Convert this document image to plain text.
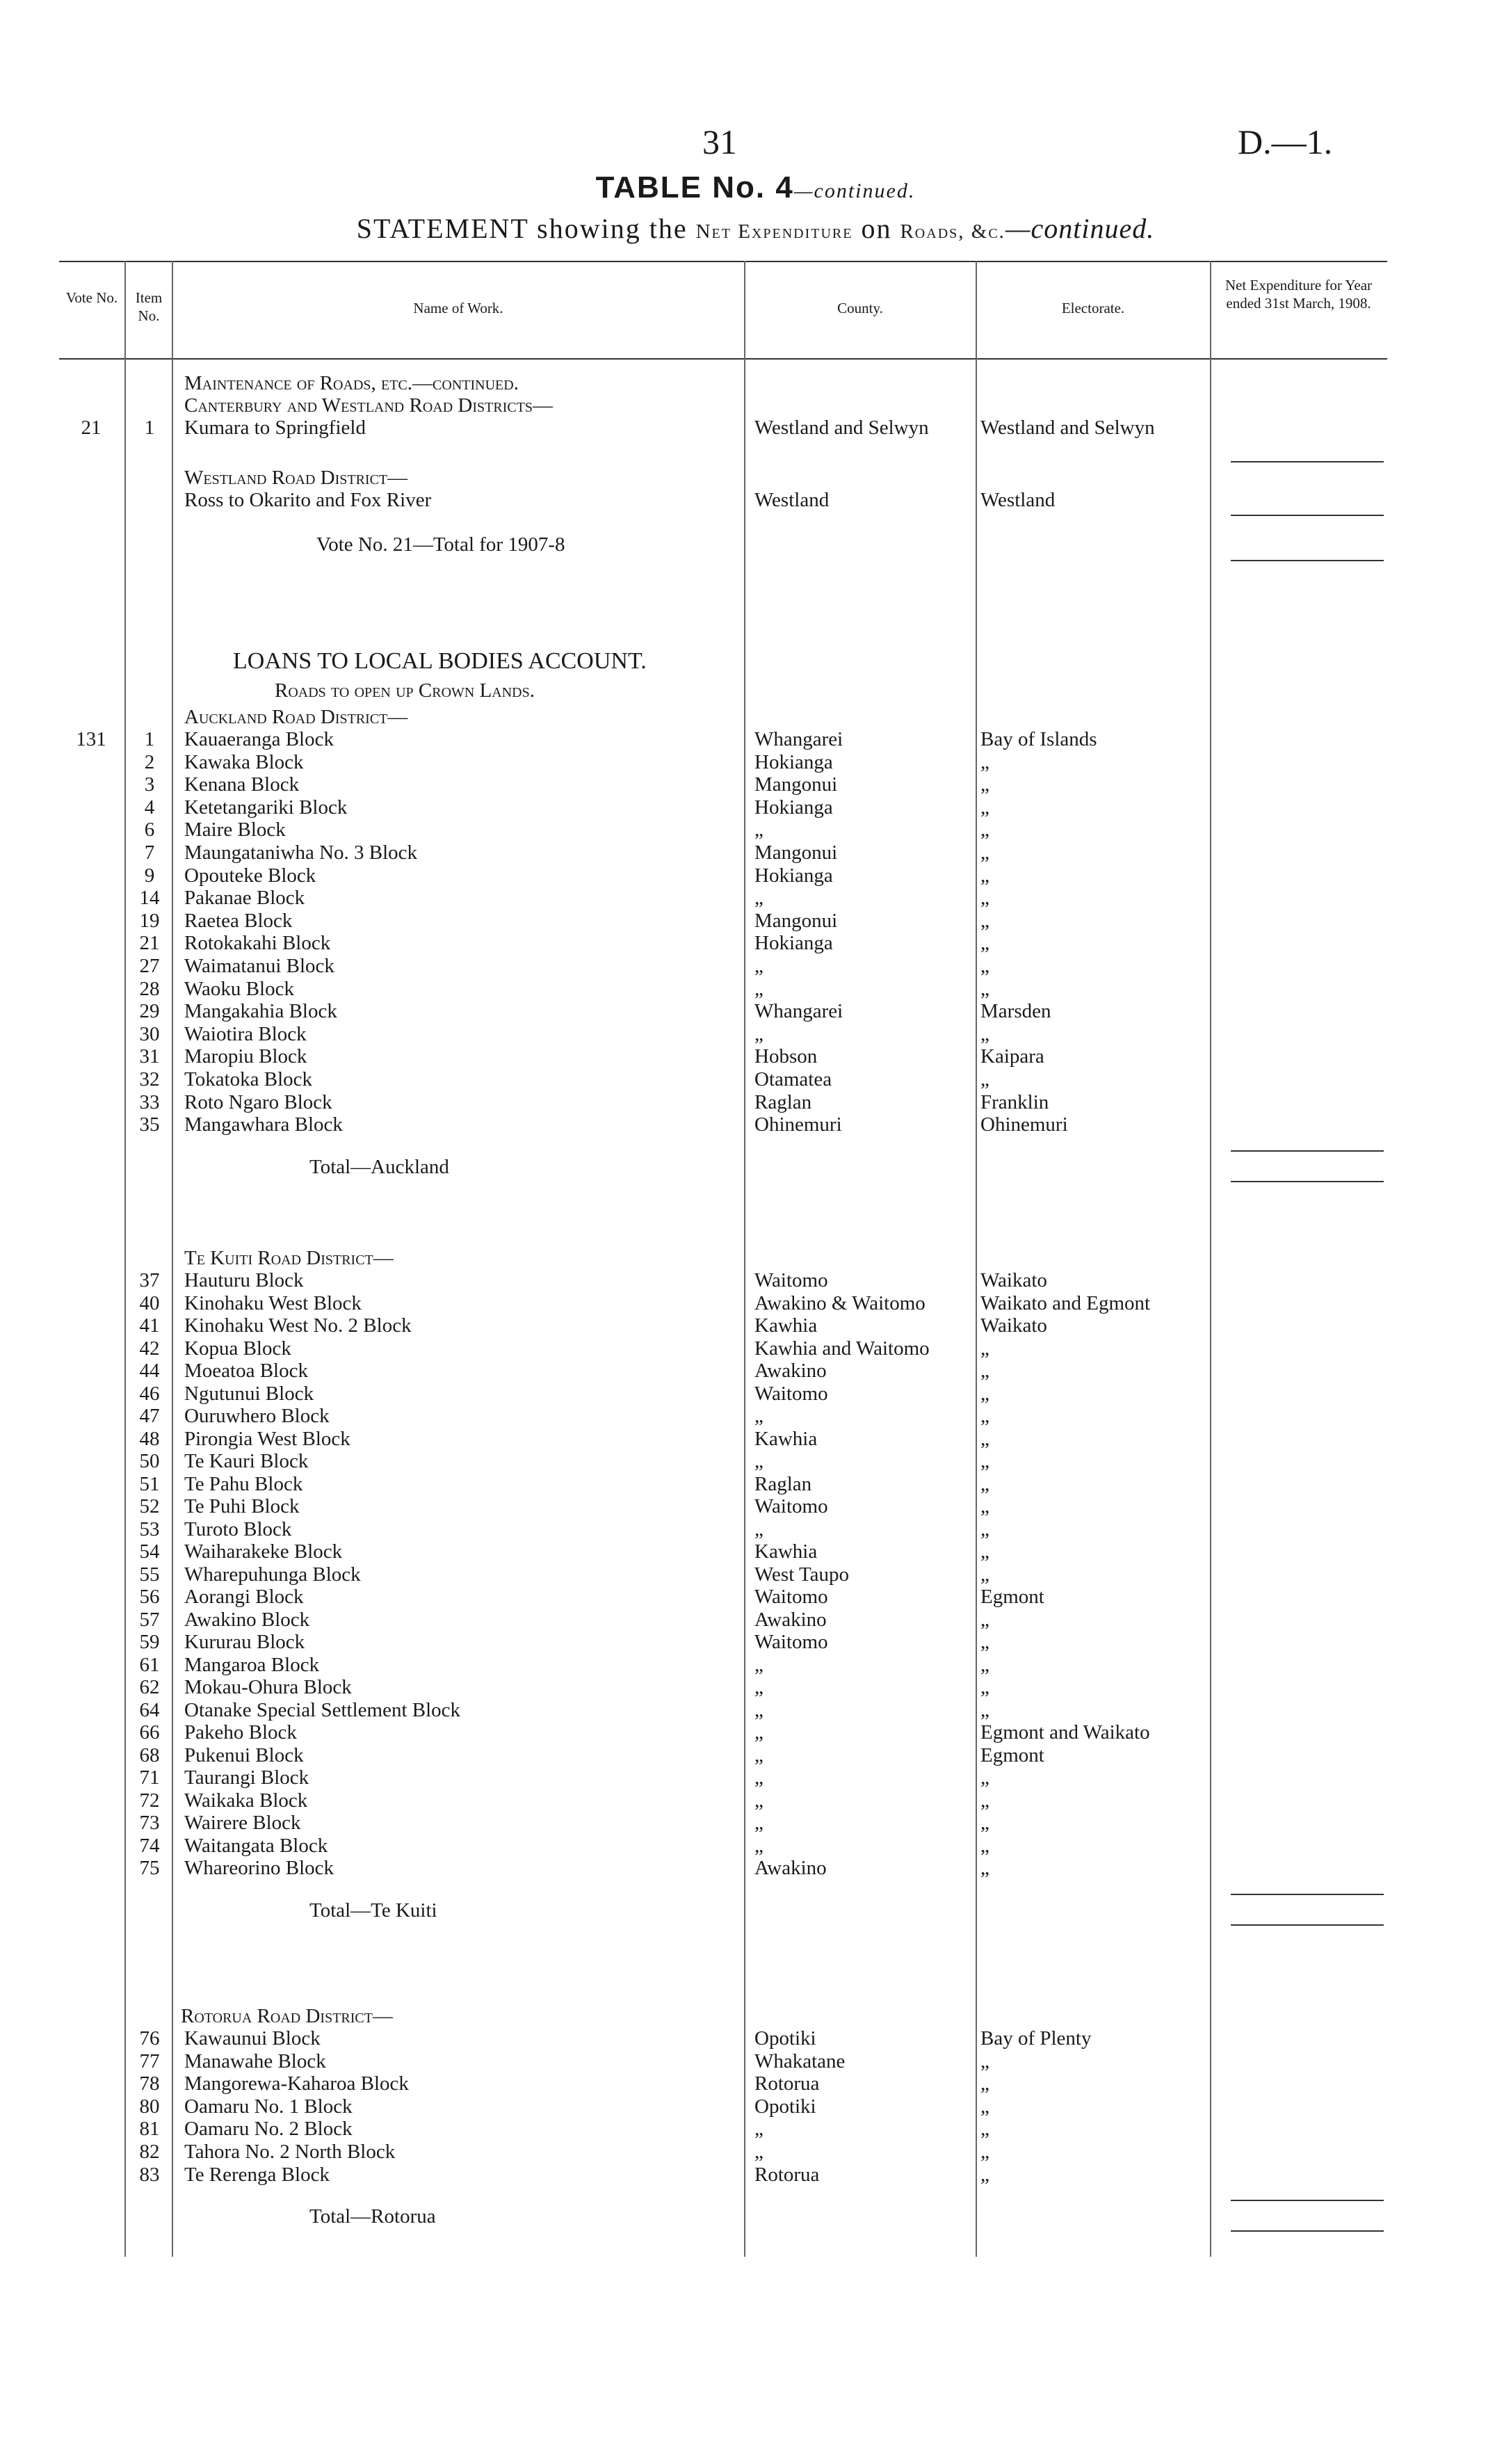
31	D.—1.
TABLE No. 4—continued.
STATEMENT showing the Net Expenditure on Roads, &c.—continued.
Vote No.	Item No.	Name of Work.	County.	Electorate.
Net Expenditure for Year ended 31st March, 1908.
Maintenance of Roads, etc.—continued.
Canterbury and Westland Road Districts—
21	1	Kumara to Springfield	Westland and Selwyn	Westland and Selwyn
Westland Road District—
Ross to Okarito and Fox River	Westland	Westland
Vote No. 21—Total for 1907-8
LOANS TO LOCAL BODIES ACCOUNT.
Roads to open up Crown Lands.
Auckland Road District—
131	1	Kauaeranga Block	Whangarei	Bay of Islands
2	Kawaka Block	Hokianga	„
3	Kenana Block	Mangonui	„
4	Ketetangariki Block	Hokianga	„
6	Maire Block	„	„
7	Maungataniwha No. 3 Block	Mangonui	„
9	Opouteke Block	Hokianga	„
14	Pakanae Block	„	„
19	Raetea Block	Mangonui	„
21	Rotokakahi Block	Hokianga	„
27	Waimatanui Block	„	„
28	Waoku Block	„	„
29	Mangakahia Block	Whangarei	Marsden
30	Waiotira Block	„	„
31	Maropiu Block	Hobson	Kaipara
32	Tokatoka Block	Otamatea	„
33	Roto Ngaro Block	Raglan	Franklin
35	Mangawhara Block	Ohinemuri	Ohinemuri
Total—Auckland
Te Kuiti Road District—
37	Hauturu Block	Waitomo	Waikato
40	Kinohaku West Block	Awakino & Waitomo	Waikato and Egmont
41	Kinohaku West No. 2 Block	Kawhia	Waikato
42	Kopua Block	Kawhia and Waitomo	„
44	Moeatoa Block	Awakino	„
46	Ngutunui Block	Waitomo	„
47	Ouruwhero Block	„	„
48	Pirongia West Block	Kawhia	„
50	Te Kauri Block	„	„
51	Te Pahu Block	Raglan	„
52	Te Puhi Block	Waitomo	„
53	Turoto Block	„	„
54	Waiharakeke Block	Kawhia	„
55	Wharepuhunga Block	West Taupo	„
56	Aorangi Block	Waitomo	Egmont
57	Awakino Block	Awakino	„
59	Kururau Block	Waitomo	„
61	Mangaroa Block	„	„
62	Mokau-Ohura Block	„	„
64	Otanake Special Settlement Block	„	„
66	Pakeho Block	„	Egmont and Waikato
68	Pukenui Block	„	Egmont
71	Taurangi Block	„	„
72	Waikaka Block	„	„
73	Wairere Block	„	„
74	Waitangata Block	„	„
75	Whareorino Block	Awakino	„
Total—Te Kuiti
Rotorua Road District—
76	Kawaunui Block	Opotiki	Bay of Plenty
77	Manawahe Block	Whakatane	„
78	Mangorewa-Kaharoa Block	Rotorua	„
80	Oamaru No. 1 Block	Opotiki	„
81	Oamaru No. 2 Block	„	„
82	Tahora No. 2 North Block	„	„
83	Te Rerenga Block	Rotorua	„
Total—Rotorua
